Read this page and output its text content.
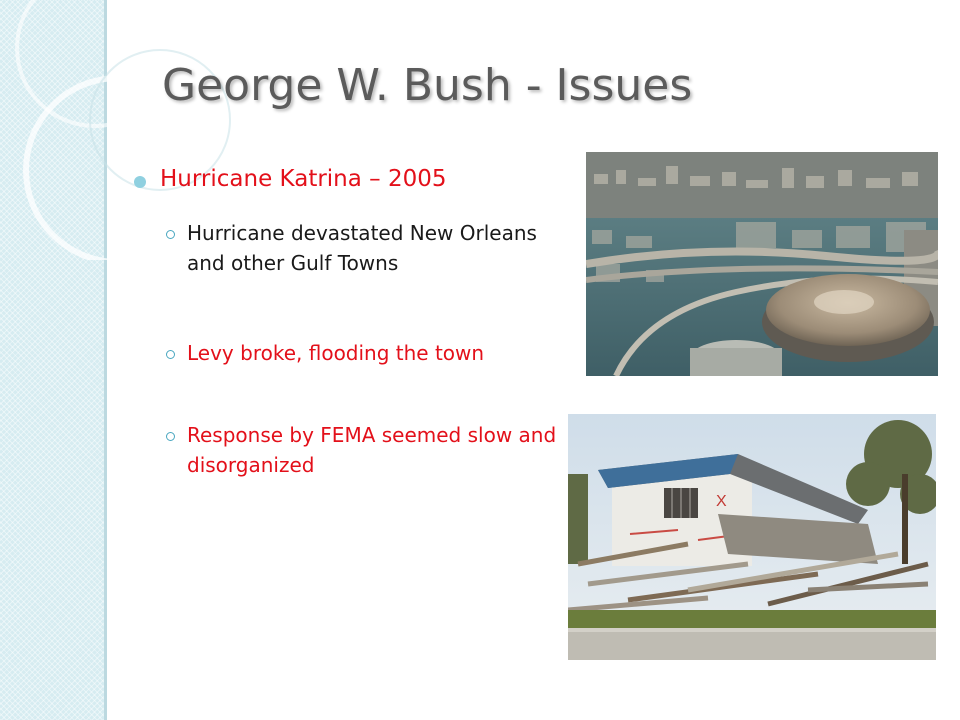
George W. Bush - Issues
Hurricane Katrina – 2005
Hurricane devastated New Orleans and other Gulf Towns
Levy broke, flooding the town
Response by FEMA seemed slow and disorganized
X
